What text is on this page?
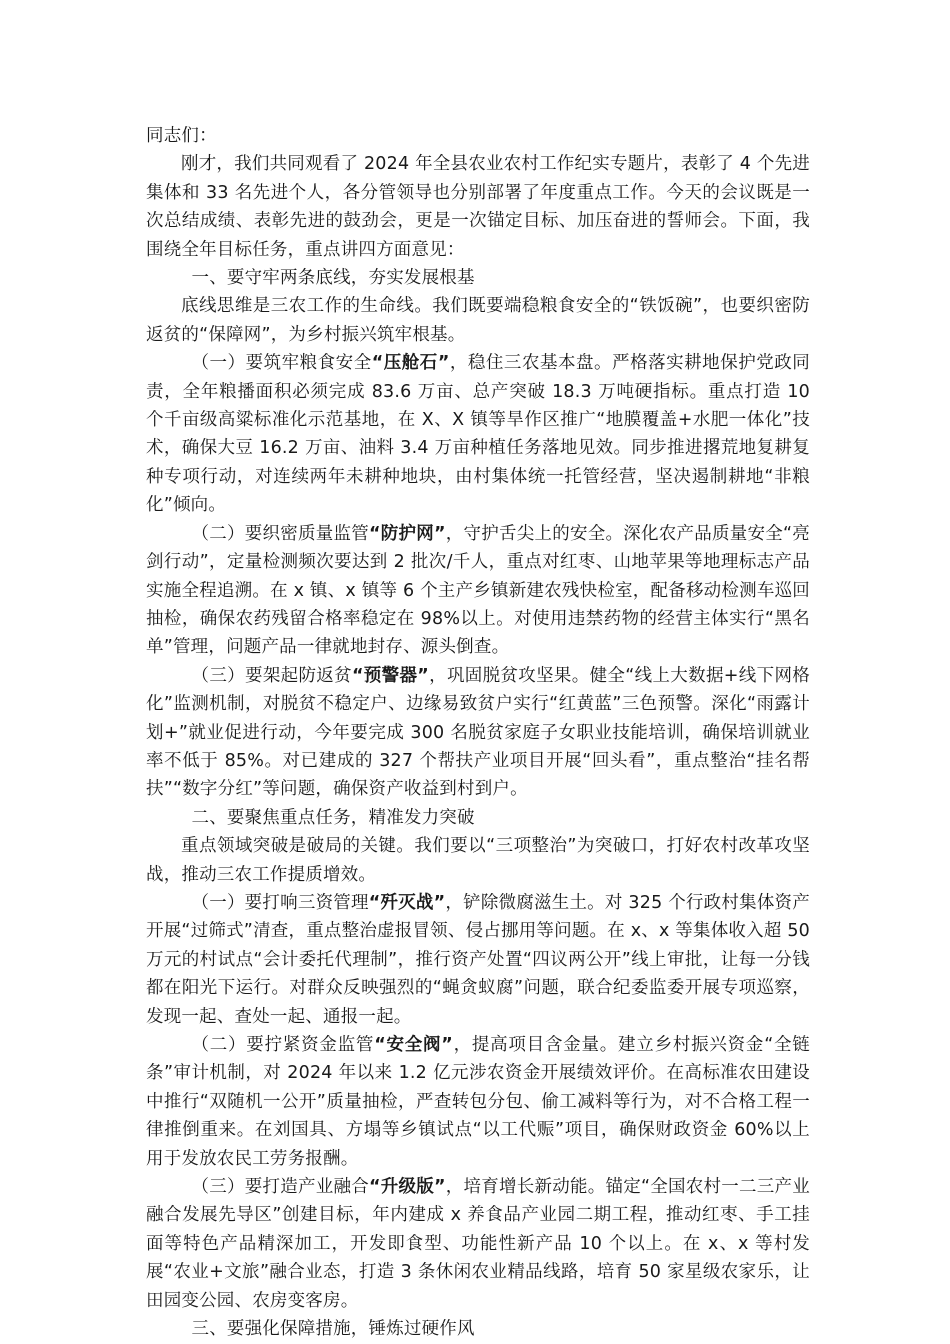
同志们：

刚才，我们共同观看了 2024 年全县农业农村工作纪实专题片，表彰了 4 个先进集体和 33 名先进个人，各分管领导也分别部署了年度重点工作。今天的会议既是一次总结成绩、表彰先进的鼓劲会，更是一次锚定目标、加压奋进的誓师会。下面，我围绕全年目标任务，重点讲四方面意见：

一、要守牢两条底线，夯实发展根基

底线思维是三农工作的生命线。我们既要端稳粮食安全的“铁饭碗”，也要织密防返贫的“保障网”，为乡村振兴筑牢根基。

（一）要筑牢粮食安全“压舱石”，稳住三农基本盘。严格落实耕地保护党政同责，全年粮播面积必须完成 83.6 万亩、总产突破 18.3 万吨硬指标。重点打造 10 个千亩级高粱标准化示范基地，在 X、X 镇等旱作区推广“地膜覆盖+水肥一体化”技术，确保大豆 16.2 万亩、油料 3.4 万亩种植任务落地见效。同步推进撂荒地复耕复种专项行动，对连续两年未耕种地块，由村集体统一托管经营，坚决遏制耕地“非粮化”倾向。

（二）要织密质量监管“防护网”，守护舌尖上的安全。深化农产品质量安全“亮剑行动”，定量检测频次要达到 2 批次/千人，重点对红枣、山地苹果等地理标志产品实施全程追溯。在 x 镇、x 镇等 6 个主产乡镇新建农残快检室，配备移动检测车巡回抽检，确保农药残留合格率稳定在 98%以上。对使用违禁药物的经营主体实行“黑名单”管理，问题产品一律就地封存、源头倒查。

（三）要架起防返贫“预警器”，巩固脱贫攻坚果。健全“线上大数据+线下网格化”监测机制，对脱贫不稳定户、边缘易致贫户实行“红黄蓝”三色预警。深化“雨露计划+”就业促进行动，今年要完成 300 名脱贫家庭子女职业技能培训，确保培训就业率不低于 85%。对已建成的 327 个帮扶产业项目开展“回头看”，重点整治“挂名帮扶”“数字分红”等问题，确保资产收益到村到户。

二、要聚焦重点任务，精准发力突破

重点领域突破是破局的关键。我们要以“三项整治”为突破口，打好农村改革攻坚战，推动三农工作提质增效。

（一）要打响三资管理“歼灭战”，铲除微腐滋生土。对 325 个行政村集体资产开展“过筛式”清查，重点整治虚报冒领、侵占挪用等问题。在 x、x 等集体收入超 50 万元的村试点“会计委托代理制”，推行资产处置“四议两公开”线上审批，让每一分钱都在阳光下运行。对群众反映强烈的“蝇贪蚁腐”问题，联合纪委监委开展专项巡察，发现一起、查处一起、通报一起。

（二）要拧紧资金监管“安全阀”，提高项目含金量。建立乡村振兴资金“全链条”审计机制，对 2024 年以来 1.2 亿元涉农资金开展绩效评价。在高标准农田建设中推行“双随机一公开”质量抽检，严查转包分包、偷工减料等行为，对不合格工程一律推倒重来。在刘国具、方塌等乡镇试点“以工代赈”项目，确保财政资金 60%以上用于发放农民工劳务报酬。

（三）要打造产业融合“升级版”，培育增长新动能。锚定“全国农村一二三产业融合发展先导区”创建目标，年内建成 x 养食品产业园二期工程，推动红枣、手工挂面等特色产品精深加工，开发即食型、功能性新产品 10 个以上。在 x、x 等村发展“农业+文旅”融合业态，打造 3 条休闲农业精品线路，培育 50 家星级农家乐，让田园变公园、农房变客房。

三、要强化保障措施，锤炼过硬作风
